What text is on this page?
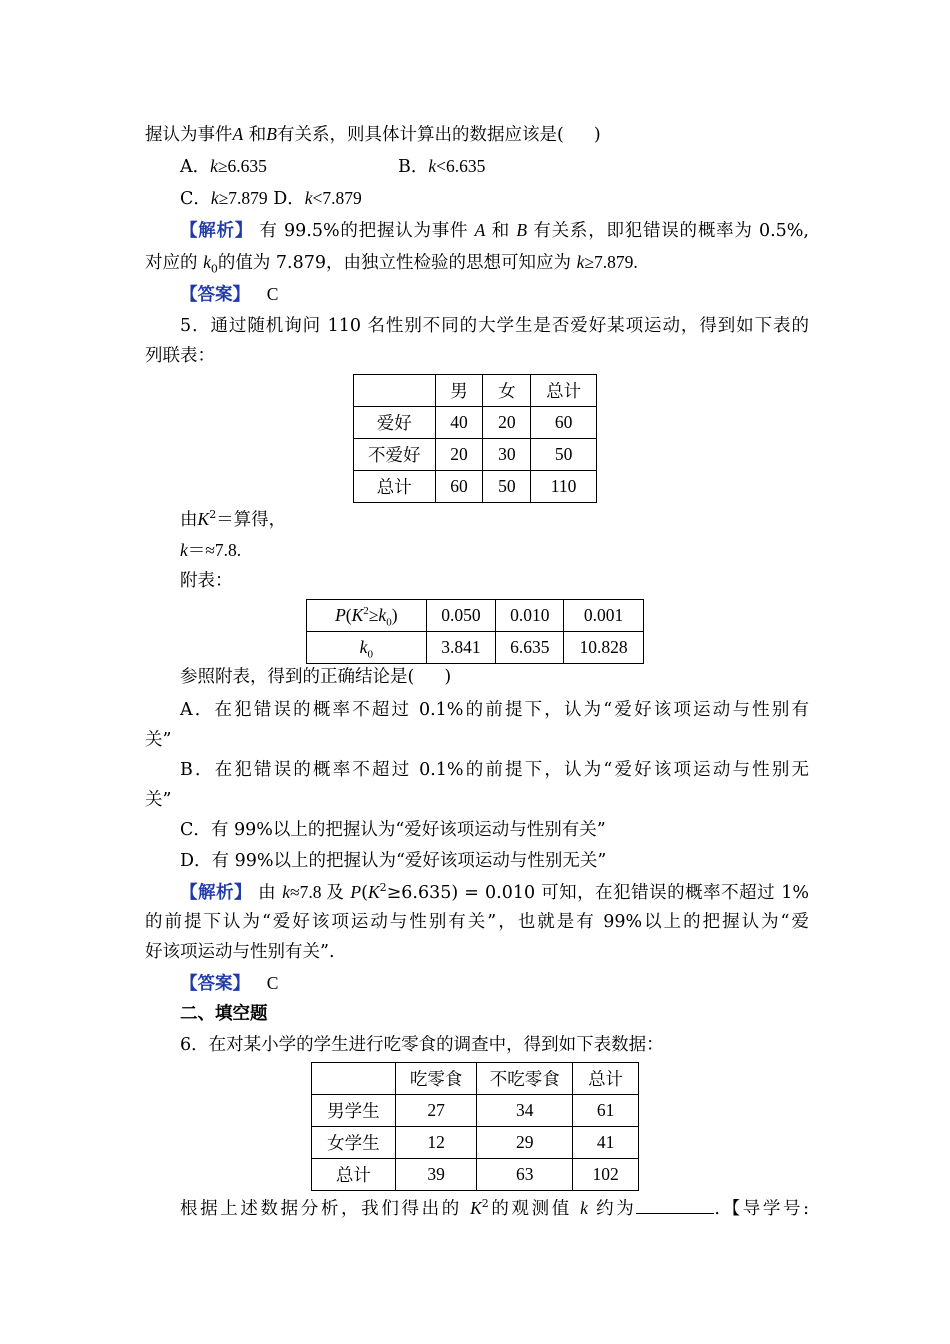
握认为事件A 和B有关系，则具体计算出的数据应该是( )
A．k≥6.635	B．k<6.635
C．k≥7.879 D．k<7.879
【解析】 有 99.5%的把握认为事件 A 和 B 有关系，即犯错误的概率为 0.5%,
对应的 $k_0$的值为 7.879，由独立性检验的思想可知应为 k≥7.879.
【答案】 C
5．通过随机询问 110 名性别不同的大学生是否爱好某项运动，得到如下表的
列联表：
	男	女	总计
爱好	40	20	60
不爱好	20	30	50
总计	60	50	110
由$K^2=$算得，
k＝≈7.8.
附表：
$P(K^2\ge k_0)$	0.050	0.010	0.001
$k_0$	3.841	6.635	10.828
参照附表，得到的正确结论是( )
A．在犯错误的概率不超过 0.1%的前提下，认为“爱好该项运动与性别有
关”
B．在犯错误的概率不超过 0.1%的前提下，认为“爱好该项运动与性别无
关”
C．有 99%以上的把握认为“爱好该项运动与性别有关”
D．有 99%以上的把握认为“爱好该项运动与性别无关”
【解析】 由 k≈7.8 及 $P(K^2\ge 6.635) = 0.010$ 可知，在犯错误的概率不超过 1%
的前提下认为“爱好该项运动与性别有关”，也就是有 99%以上的把握认为“爱
好该项运动与性别有关”.
【答案】 C
二、填空题
6．在对某小学的学生进行吃零食的调查中，得到如下表数据：
	吃零食	不吃零食	总计
男学生	27	34	61
女学生	12	29	41
总计	39	63	102
根据上述数据分析，我们得出的 $K^2$的观测值 k 约为	.【导学号:
